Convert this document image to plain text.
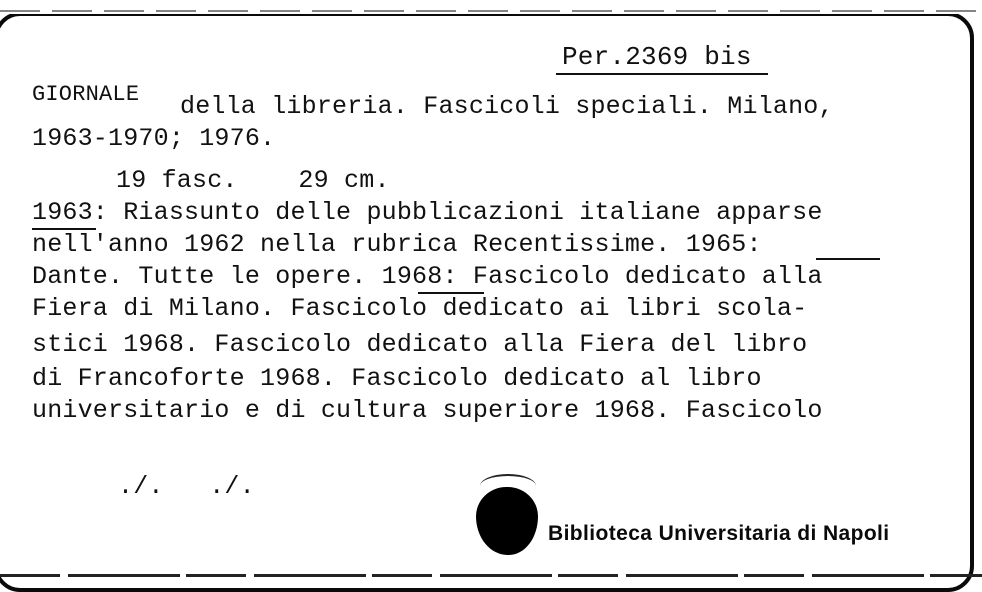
Per.2369 bis
GIORNALE della libreria. Fascicoli speciali. Milano,
1963-1970; 1976.
19 fasc.    29 cm.
1963: Riassunto delle pubblicazioni italiane apparse
nell'anno 1962 nella rubrica Recentissime. 1965:
Dante. Tutte le opere. 1968: Fascicolo dedicato alla
Fiera di Milano. Fascicolo dedicato ai libri scola-
stici 1968. Fascicolo dedicato alla Fiera del libro
di Francoforte 1968. Fascicolo dedicato al libro
universitario e di cultura superiore 1968. Fascicolo
./.   ./.
Biblioteca Universitaria di Napoli
